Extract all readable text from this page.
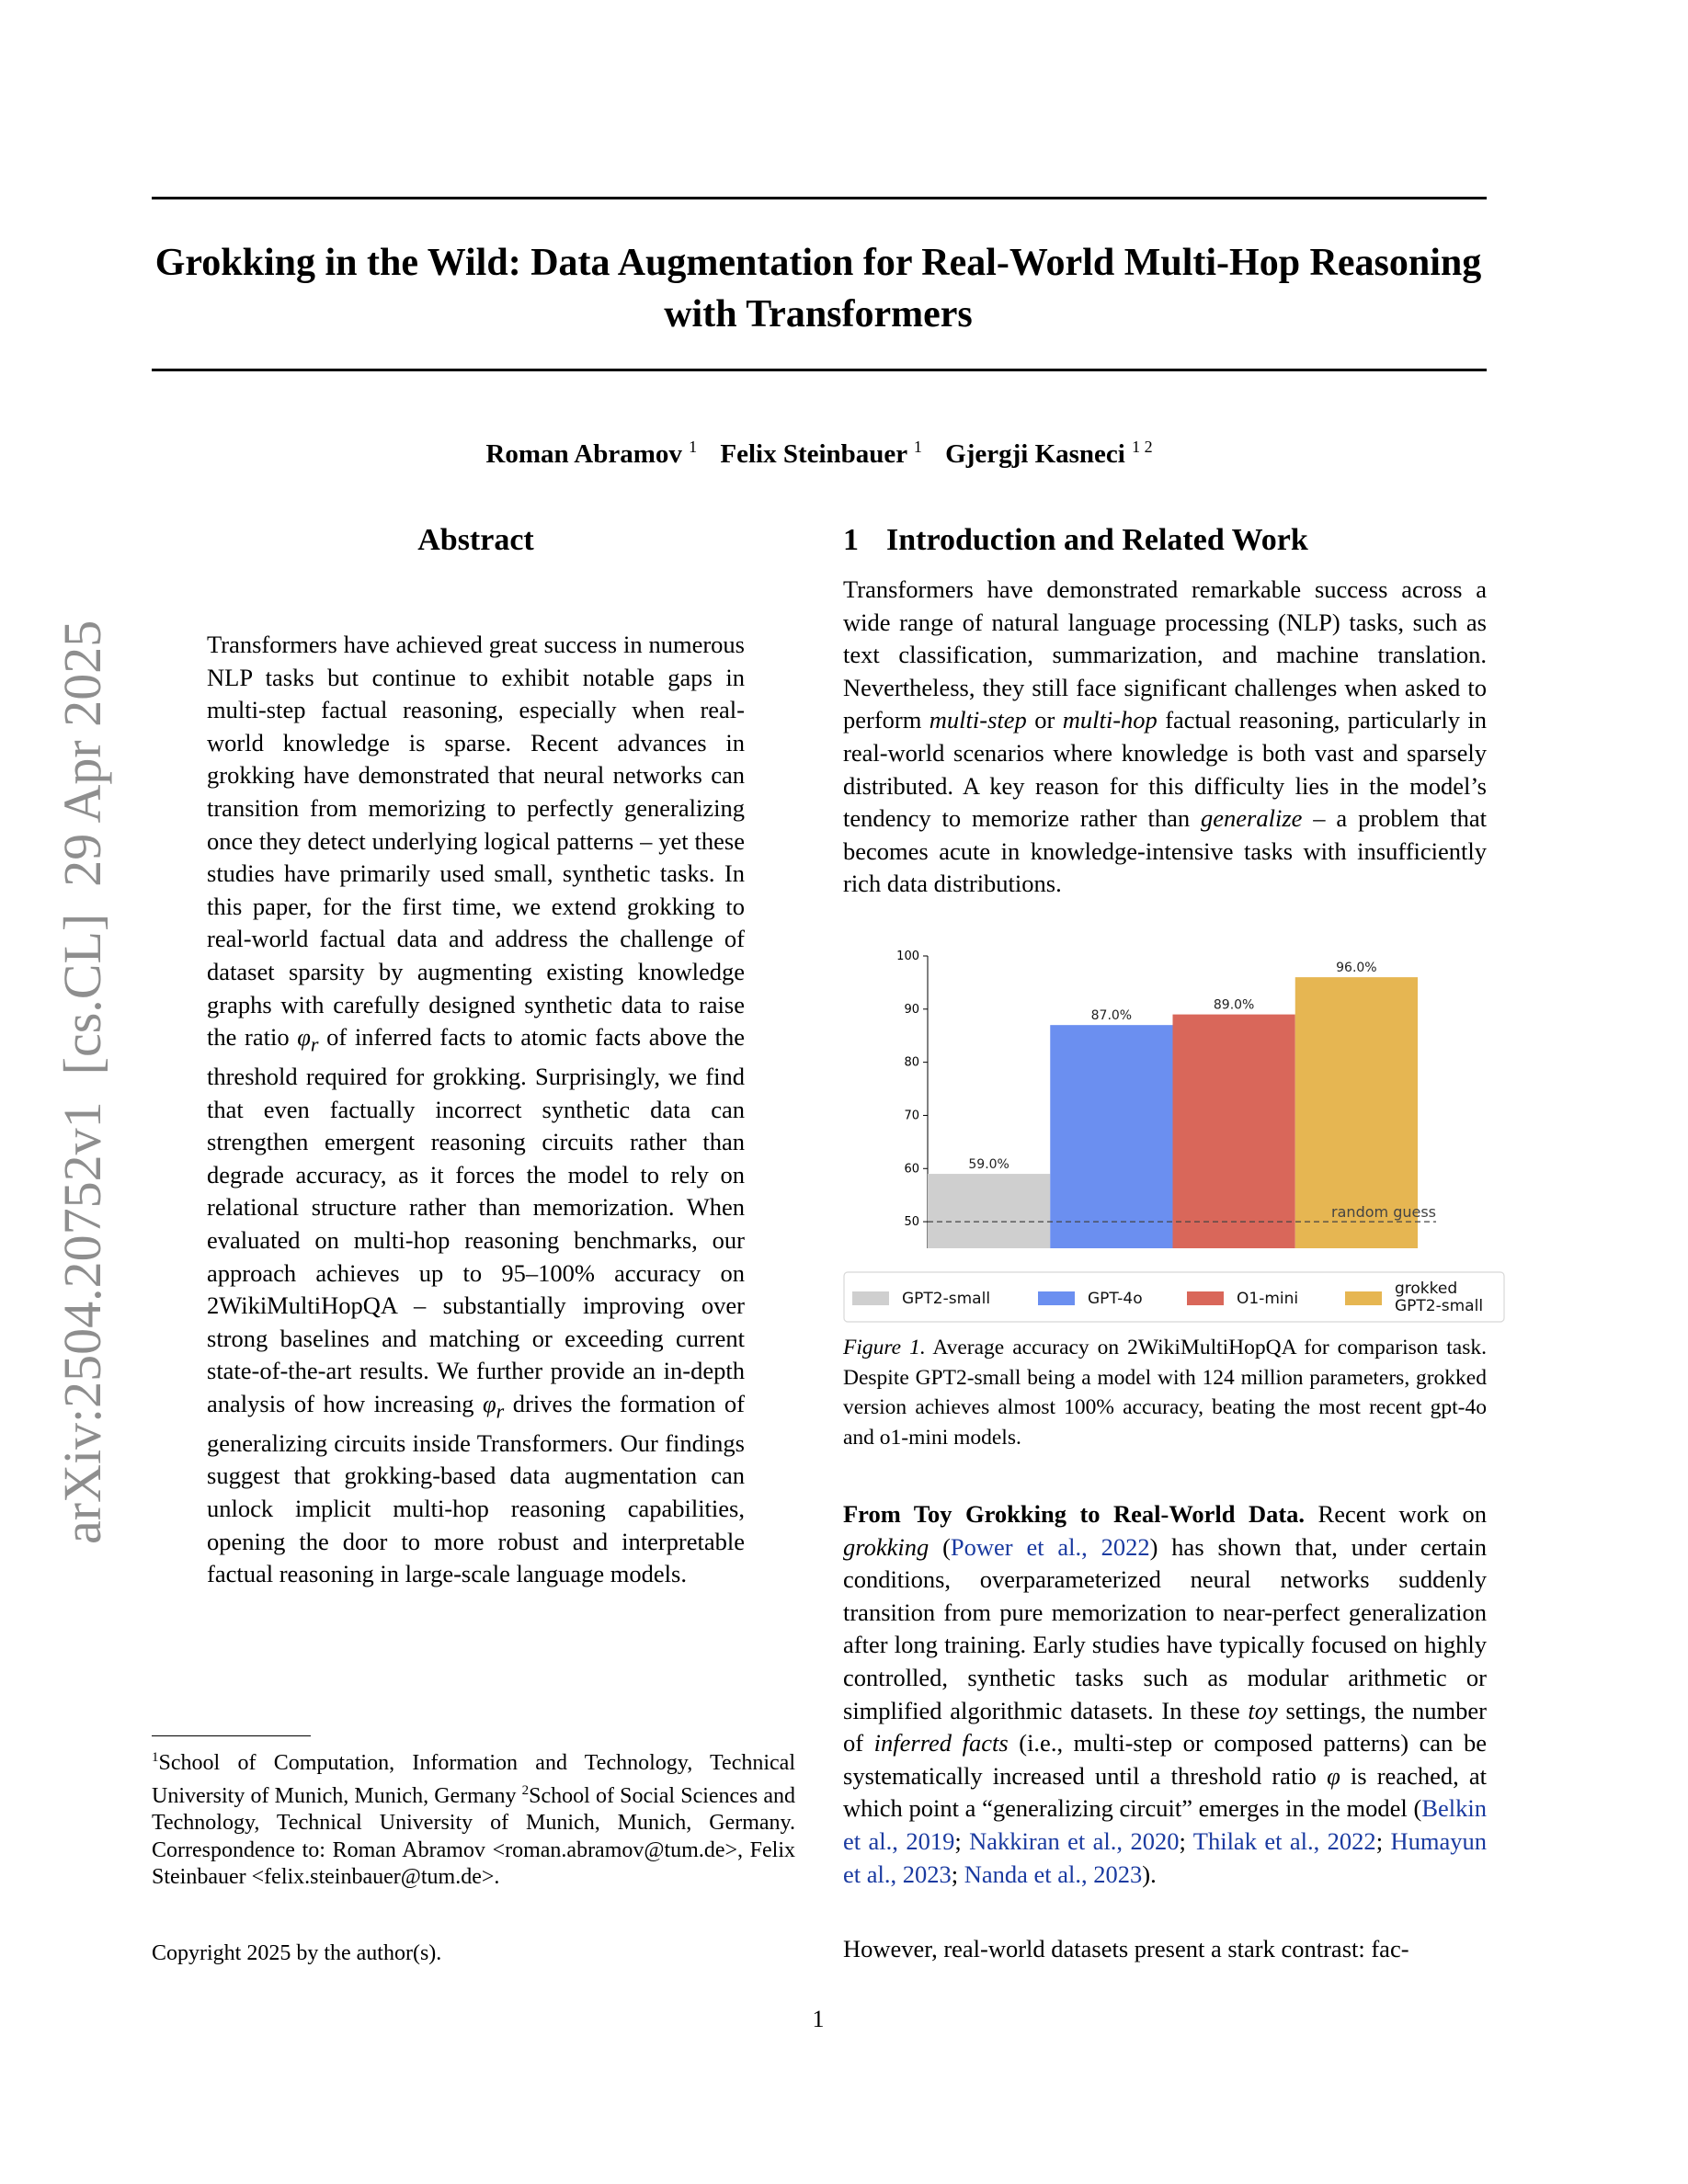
Grokking in the Wild: Data Augmentation for Real-World Multi-Hop Reasoning
with Transformers
Roman Abramov $^1$ Felix Steinbauer $^1$ Gjergji Kasneci $^{1 2}$
arXiv:2504.20752v1  [cs.CL]  29 Apr 2025
Abstract
Transformers have achieved great success in numerous NLP tasks but continue to exhibit notable gaps in multi-step factual reasoning, especially when real-world knowledge is sparse. Recent advances in grokking have demonstrated that neural networks can transition from memorizing to perfectly generalizing once they detect underlying logical patterns – yet these studies have primarily used small, synthetic tasks. In this paper, for the first time, we extend grokking to real-world factual data and address the challenge of dataset sparsity by augmenting existing knowledge graphs with carefully designed synthetic data to raise the ratio $\varphi_r$ of inferred facts to atomic facts above the threshold required for grokking. Surprisingly, we find that even factually incorrect synthetic data can strengthen emergent reasoning circuits rather than degrade accuracy, as it forces the model to rely on relational structure rather than memorization. When evaluated on multi-hop reasoning benchmarks, our approach achieves up to 95–100% accuracy on 2WikiMultiHopQA – substantially improving over strong baselines and matching or exceeding current state-of-the-art results. We further provide an in-depth analysis of how increasing $\varphi_r$ drives the formation of generalizing circuits inside Transformers. Our findings suggest that grokking-based data augmentation can unlock implicit multi-hop reasoning capabilities, opening the door to more robust and interpretable factual reasoning in large-scale language models.
$^1$School of Computation, Information and Technology, Technical University of Munich, Munich, Germany $^2$School of Social Sciences and Technology, Technical University of Munich, Munich, Germany. Correspondence to: Roman Abramov <roman.abramov@tum.de>, Felix Steinbauer <felix.steinbauer@tum.de>.
Copyright 2025 by the author(s).
1 Introduction and Related Work
Transformers have demonstrated remarkable success across a wide range of natural language processing (NLP) tasks, such as text classification, summarization, and machine translation. Nevertheless, they still face significant challenges when asked to perform multi-step or multi-hop factual reasoning, particularly in real-world scenarios where knowledge is both vast and sparsely distributed. A key reason for this difficulty lies in the model’s tendency to memorize rather than generalize – a problem that becomes acute in knowledge-intensive tasks with insufficiently rich data distributions.
50
60
70
80
90
100
59.0%
87.0%
89.0%
96.0%
random guess
GPT2-small	GPT-4o	O1-mini
grokked
GPT2-small
Figure 1. Average accuracy on 2WikiMultiHopQA for comparison task. Despite GPT2-small being a model with 124 million parameters, grokked version achieves almost 100% accuracy, beating the most recent gpt-4o and o1-mini models.
From Toy Grokking to Real-World Data. Recent work on grokking (Power et al., 2022) has shown that, under certain conditions, overparameterized neural networks suddenly transition from pure memorization to near-perfect generalization after long training. Early studies have typically focused on highly controlled, synthetic tasks such as modular arithmetic or simplified algorithmic datasets. In these toy settings, the number of inferred facts (i.e., multi-step or composed patterns) can be systematically increased until a threshold ratio φ is reached, at which point a “generalizing circuit” emerges in the model (Belkin et al., 2019; Nakkiran et al., 2020; Thilak et al., 2022; Humayun et al., 2023; Nanda et al., 2023).
However, real-world datasets present a stark contrast: fac-
1
